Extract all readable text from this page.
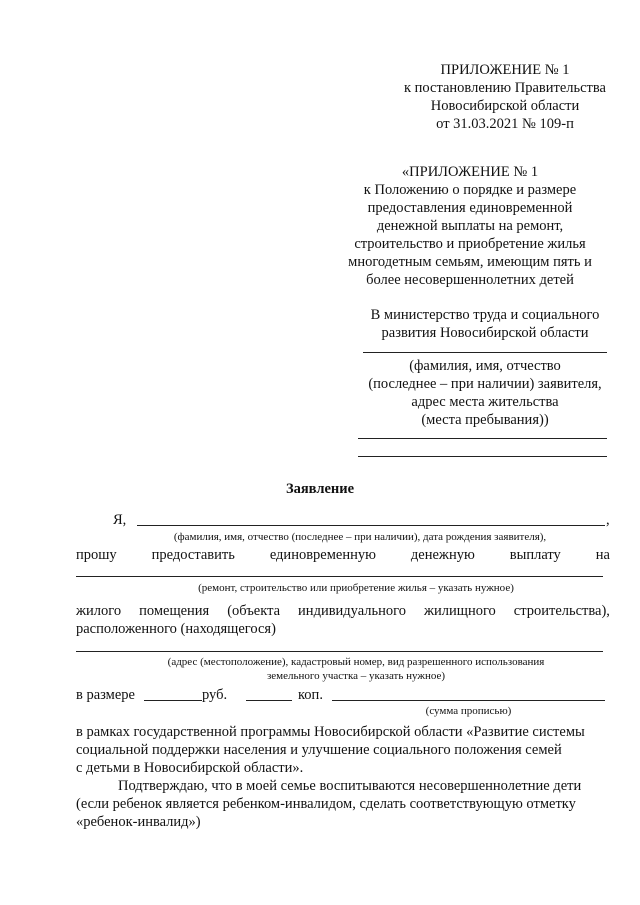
ПРИЛОЖЕНИЕ № 1
к постановлению Правительства
Новосибирской области
от 31.03.2021 № 109-п
«ПРИЛОЖЕНИЕ № 1
к Положению о порядке и размере
предоставления единовременной
денежной выплаты на ремонт,
строительство и приобретение жилья
многодетным семьям, имеющим пять и
более несовершеннолетних детей
В министерство труда и социального
развития Новосибирской области
(фамилия, имя, отчество
(последнее – при наличии) заявителя,
адрес места жительства
(места пребывания))
Заявление
Я,	,
(фамилия, имя, отчество (последнее – при наличии), дата рождения заявителя),
прошу предоставить единовременную денежную выплату на
(ремонт, строительство или приобретение жилья – указать нужное)
жилого помещения (объекта индивидуального жилищного строительства),
расположенного (находящегося)
(адрес (местоположение), кадастровый номер, вид разрешенного использования
земельного участка – указать нужное)
в размере	руб.	коп.
(сумма прописью)
в рамках государственной программы Новосибирской области «Развитие системы
социальной поддержки населения и улучшение социального положения семей
с детьми в Новосибирской области».
Подтверждаю, что в моей семье воспитываются несовершеннолетние дети
(если ребенок является ребенком-инвалидом, сделать соответствующую отметку
«ребенок-инвалид»)
